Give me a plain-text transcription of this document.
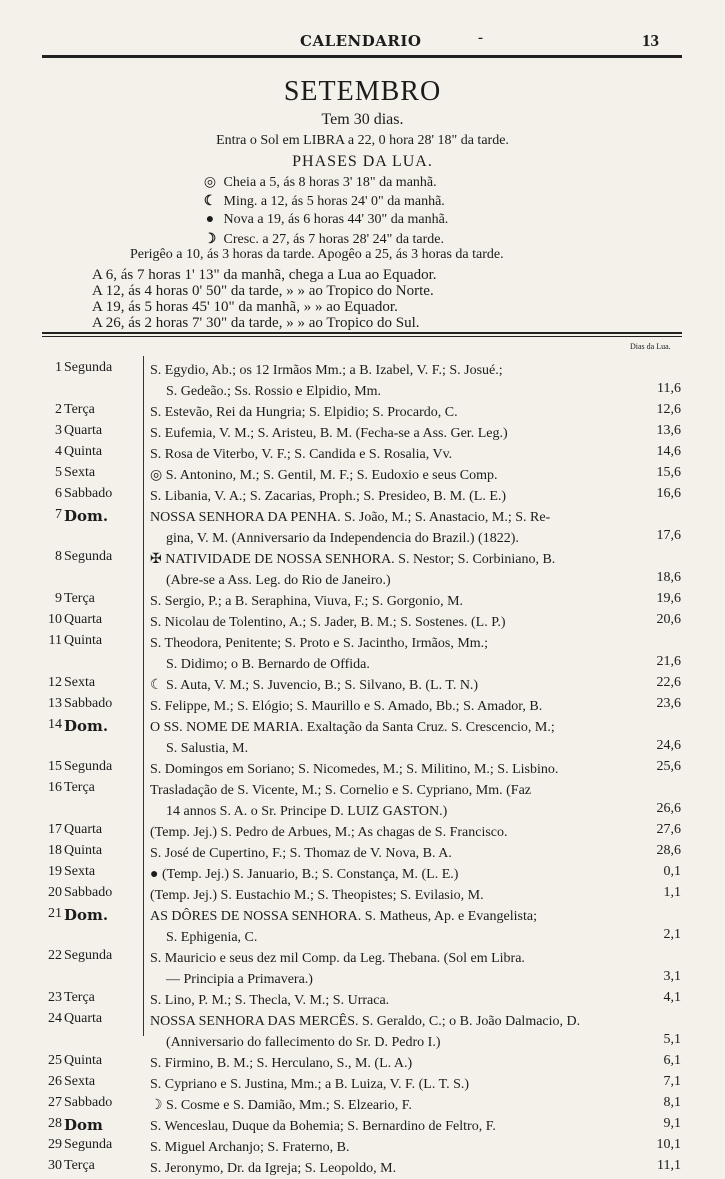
CALENDARIO	-	13
SETEMBRO
Tem 30 dias.
Entra o Sol em LIBRA a 22, 0 hora 28' 18" da tarde.
PHASES DA LUA.
◎ Cheia a 5, ás 8 horas 3' 18" da manhã.
☾ Ming. a 12, ás 5 horas 24' 0" da manhã.
● Nova a 19, ás 6 horas 44' 30" da manhã.
☽ Cresc. a 27, ás 7 horas 28' 24" da tarde.
Perigêo a 10, ás 3 horas da tarde. Apogêo a 25, ás 3 horas da tarde.
A 6, ás 7 horas 1' 13" da manhã, chega a Lua ao Equador.
A 12, ás 4 horas 0' 50" da tarde, » » ao Tropico do Norte.
A 19, ás 5 horas 45' 10" da manhã, » » ao Equador.
A 26, ás 2 horas 7' 30" da tarde, » » ao Tropico do Sul.
Dias da Lua.
1 Segunda	S. Egydio, Ab.; os 12 Irmãos Mm.; a B. Izabel, V. F.; S. Josué.;
S. Gedeão.; Ss. Rossio e Elpidio, Mm.	11,6
2 Terça	S. Estevão, Rei da Hungria; S. Elpidio; S. Procardo, C.	12,6
3 Quarta	S. Eufemia, V. M.; S. Aristeu, B. M. (Fecha-se a Ass. Ger. Leg.)	13,6
4 Quinta	S. Rosa de Viterbo, V. F.; S. Candida e S. Rosalia, Vv.	14,6
5 Sexta	◎ S. Antonino, M.; S. Gentil, M. F.; S. Eudoxio e seus Comp.	15,6
6 Sabbado	S. Libania, V. A.; S. Zacarias, Proph.; S. Presideo, B. M. (L. E.)	16,6
7 Dom.	NOSSA SENHORA DA PENHA. S. João, M.; S. Anastacio, M.; S. Re-
gina, V. M. (Anniversario da Independencia do Brazil.) (1822).	17,6
8 Segunda	✠ NATIVIDADE DE NOSSA SENHORA. S. Nestor; S. Corbiniano, B.
(Abre-se a Ass. Leg. do Rio de Janeiro.)	18,6
9 Terça	S. Sergio, P.; a B. Seraphina, Viuva, F.; S. Gorgonio, M.	19,6
10 Quarta	S. Nicolau de Tolentino, A.; S. Jader, B. M.; S. Sostenes. (L. P.)	20,6
11 Quinta	S. Theodora, Penitente; S. Proto e S. Jacintho, Irmãos, Mm.;
S. Didimo; o B. Bernardo de Offida.	21,6
12 Sexta	☾ S. Auta, V. M.; S. Juvencio, B.; S. Silvano, B. (L. T. N.)	22,6
13 Sabbado	S. Felippe, M.; S. Elógio; S. Maurillo e S. Amado, Bb.; S. Amador, B.	23,6
14 Dom.	O SS. NOME DE MARIA. Exaltação da Santa Cruz. S. Crescencio, M.;
S. Salustia, M.	24,6
15 Segunda	S. Domingos em Soriano; S. Nicomedes, M.; S. Militino, M.; S. Lisbino.	25,6
16 Terça	Trasladação de S. Vicente, M.; S. Cornelio e S. Cypriano, Mm. (Faz
14 annos S. A. o Sr. Principe D. LUIZ GASTON.)	26,6
17 Quarta	(Temp. Jej.) S. Pedro de Arbues, M.; As chagas de S. Francisco.	27,6
18 Quinta	S. José de Cupertino, F.; S. Thomaz de V. Nova, B. A.	28,6
19 Sexta	● (Temp. Jej.) S. Januario, B.; S. Constança, M. (L. E.)	0,1
20 Sabbado	(Temp. Jej.) S. Eustachio M.; S. Theopistes; S. Evilasio, M.	1,1
21 Dom.	AS DÔRES DE NOSSA SENHORA. S. Matheus, Ap. e Evangelista;
S. Ephigenia, C.	2,1
22 Segunda	S. Mauricio e seus dez mil Comp. da Leg. Thebana. (Sol em Libra.
— Principia a Primavera.)	3,1
23 Terça	S. Lino, P. M.; S. Thecla, V. M.; S. Urraca.	4,1
24 Quarta	NOSSA SENHORA DAS MERCÊS. S. Geraldo, C.; o B. João Dalmacio, D.
(Anniversario do fallecimento do Sr. D. Pedro I.)	5,1
25 Quinta	S. Firmino, B. M.; S. Herculano, S., M. (L. A.)	6,1
26 Sexta	S. Cypriano e S. Justina, Mm.; a B. Luiza, V. F. (L. T. S.)	7,1
27 Sabbado	☽ S. Cosme e S. Damião, Mm.; S. Elzeario, F.	8,1
28 Dom	S. Wenceslau, Duque da Bohemia; S. Bernardino de Feltro, F.	9,1
29 Segunda	S. Miguel Archanjo; S. Fraterno, B.	10,1
30 Terça	S. Jeronymo, Dr. da Igreja; S. Leopoldo, M.	11,1
